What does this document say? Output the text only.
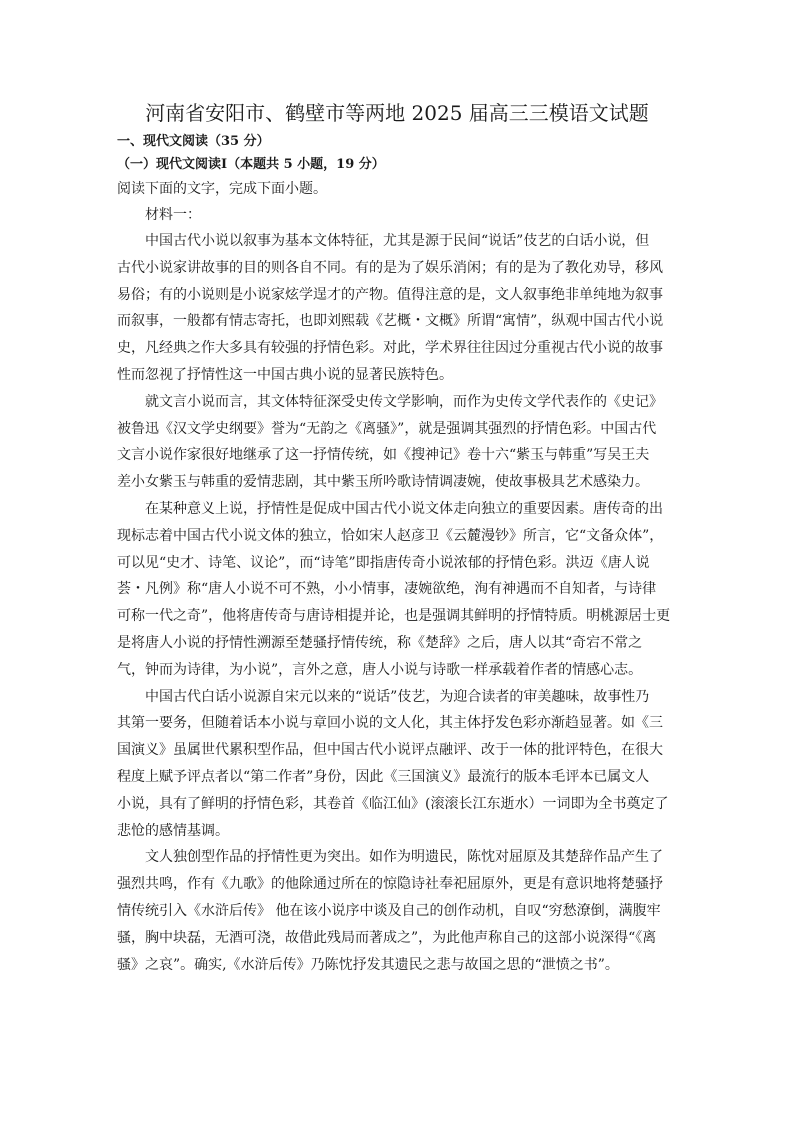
河南省安阳市、鹤壁市等两地 2025 届高三三模语文试题

一、现代文阅读（35 分）

（一）现代文阅读Ⅰ（本题共 5 小题，19 分）

阅读下面的文字，完成下面小题。

材料一：

中国古代小说以叙事为基本文体特征，尤其是源于民间“说话”伎艺的白话小说，但
古代小说家讲故事的目的则各自不同。有的是为了娱乐消闲；有的是为了教化劝导，移风
易俗；有的小说则是小说家炫学逞才的产物。值得注意的是，文人叙事绝非单纯地为叙事
而叙事，一般都有情志寄托，也即刘熙载《艺概・文概》所谓“寓情”，纵观中国古代小说
史，凡经典之作大多具有较强的抒情色彩。对此，学术界往往因过分重视古代小说的故事
性而忽视了抒情性这一中国古典小说的显著民族特色。
就文言小说而言，其文体特征深受史传文学影响，而作为史传文学代表作的《史记》
被鲁迅《汉文学史纲要》誉为“无韵之《离骚》”，就是强调其强烈的抒情色彩。中国古代
文言小说作家很好地继承了这一抒情传统，如《搜神记》卷十六“紫玉与韩重”写吴王夫
差小女紫玉与韩重的爱情悲剧，其中紫玉所吟歌诗情调凄婉，使故事极具艺术感染力。
在某种意义上说，抒情性是促成中国古代小说文体走向独立的重要因素。唐传奇的出
现标志着中国古代小说文体的独立，恰如宋人赵彦卫《云麓漫钞》所言，它“文备众体”，
可以见“史才、诗笔、议论”，而“诗笔”即指唐传奇小说浓郁的抒情色彩。洪迈《唐人说
荟・凡例》称“唐人小说不可不熟，小小情事，凄婉欲绝，洵有神遇而不自知者，与诗律
可称一代之奇”，他将唐传奇与唐诗相提并论，也是强调其鲜明的抒情特质。明桃源居士更
是将唐人小说的抒情性溯源至楚骚抒情传统，称《楚辞》之后，唐人以其“奇宕不常之
气，钟而为诗律，为小说”，言外之意，唐人小说与诗歌一样承载着作者的情感心志。
中国古代白话小说源自宋元以来的“说话”伎艺，为迎合读者的审美趣味，故事性乃
其第一要务，但随着话本小说与章回小说的文人化，其主体抒发色彩亦渐趋显著。如《三
国演义》虽属世代累积型作品，但中国古代小说评点融评、改于一体的批评特色，在很大
程度上赋予评点者以“第二作者”身份，因此《三国演义》最流行的版本毛评本已属文人
小说，具有了鲜明的抒情色彩，其卷首《临江仙》(滚滚长江东逝水）一词即为全书奠定了
悲怆的感情基调。
文人独创型作品的抒情性更为突出。如作为明遗民，陈忱对屈原及其楚辞作品产生了
强烈共鸣，作有《九歌》的他除通过所在的惊隐诗社奉祀屈原外，更是有意识地将楚骚抒
情传统引入《水浒后传》 他在该小说序中谈及自己的创作动机，自叹“穷愁潦倒，满腹牢
骚，胸中块磊，无酒可浇，故借此残局而著成之”，为此他声称自己的这部小说深得“《离
骚》之哀”。确实,《水浒后传》乃陈忱抒发其遗民之悲与故国之思的“泄愤之书”。
